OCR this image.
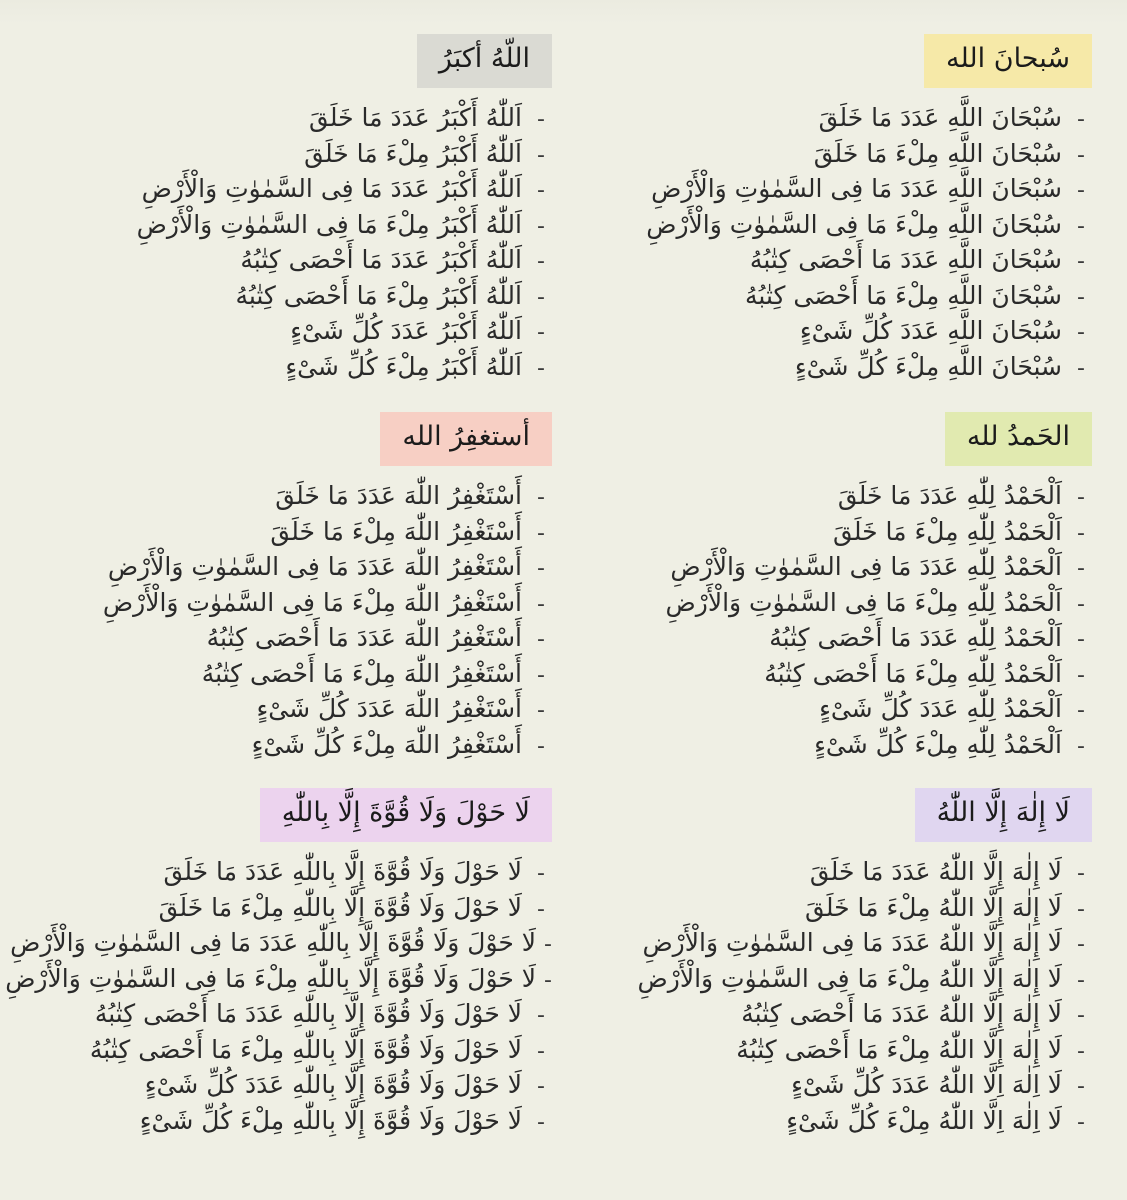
سُبحانَ الله
-
سُبْحَانَ اللَّهِ عَدَدَ مَا خَلَقَ
-
سُبْحَانَ اللَّهِ مِلْءَ مَا خَلَقَ
-
سُبْحَانَ اللَّهِ عَدَدَ مَا فِى السَّمٰوٰتِ وَالْأَرْضِ
-
سُبْحَانَ اللَّهِ مِلْءَ مَا فِى السَّمٰوٰتِ وَالْأَرْضِ
-
سُبْحَانَ اللَّهِ عَدَدَ مَا أَحْصَى كِتٰبُهُ
-
سُبْحَانَ اللَّهِ مِلْءَ مَا أَحْصَى كِتٰبُهُ
-
سُبْحَانَ اللَّهِ عَدَدَ كُلِّ شَىْءٍ
-
سُبْحَانَ اللَّهِ مِلْءَ كُلِّ شَىْءٍ
اللّهُ أكبَرُ
-
اَللّٰهُ أَكْبَرُ عَدَدَ مَا خَلَقَ
-
اَللّٰهُ أَكْبَرُ مِلْءَ مَا خَلَقَ
-
اَللّٰهُ أَكْبَرُ عَدَدَ مَا فِى السَّمٰوٰتِ وَالْأَرْضِ
-
اَللّٰهُ أَكْبَرُ مِلْءَ مَا فِى السَّمٰوٰتِ وَالْأَرْضِ
-
اَللّٰهُ أَكْبَرُ عَدَدَ مَا أَحْصَى كِتٰبُهُ
-
اَللّٰهُ أَكْبَرُ مِلْءَ مَا أَحْصَى كِتٰبُهُ
-
اَللّٰهُ أَكْبَرُ عَدَدَ كُلِّ شَىْءٍ
-
اَللّٰهُ أَكْبَرُ مِلْءَ كُلِّ شَىْءٍ
الحَمدُ لله
-
اَلْحَمْدُ لِلّٰهِ عَدَدَ مَا خَلَقَ
-
اَلْحَمْدُ لِلّٰهِ مِلْءَ مَا خَلَقَ
-
اَلْحَمْدُ لِلّٰهِ عَدَدَ مَا فِى السَّمٰوٰتِ وَالْأَرْضِ
-
اَلْحَمْدُ لِلّٰهِ مِلْءَ مَا فِى السَّمٰوٰتِ وَالْأَرْضِ
-
اَلْحَمْدُ لِلّٰهِ عَدَدَ مَا أَحْصَى كِتٰبُهُ
-
اَلْحَمْدُ لِلّٰهِ مِلْءَ مَا أَحْصَى كِتٰبُهُ
-
اَلْحَمْدُ لِلّٰهِ عَدَدَ كُلِّ شَىْءٍ
-
اَلْحَمْدُ لِلّٰهِ مِلْءَ كُلِّ شَىْءٍ
أستغفِرُ الله
-
أَسْتَغْفِرُ اللّٰهَ عَدَدَ مَا خَلَقَ
-
أَسْتَغْفِرُ اللّٰهَ مِلْءَ مَا خَلَقَ
-
أَسْتَغْفِرُ اللّٰهَ عَدَدَ مَا فِى السَّمٰوٰتِ وَالْأَرْضِ
-
أَسْتَغْفِرُ اللّٰهَ مِلْءَ مَا فِى السَّمٰوٰتِ وَالْأَرْضِ
-
أَسْتَغْفِرُ اللّٰهَ عَدَدَ مَا أَحْصَى كِتٰبُهُ
-
أَسْتَغْفِرُ اللّٰهَ مِلْءَ مَا أَحْصَى كِتٰبُهُ
-
أَسْتَغْفِرُ اللّٰهَ عَدَدَ كُلِّ شَىْءٍ
-
أَسْتَغْفِرُ اللّٰهَ مِلْءَ كُلِّ شَىْءٍ
لَا إِلٰهَ إِلَّا اللّٰهُ
-
لَا إِلٰهَ إِلَّا اللّٰهُ عَدَدَ مَا خَلَقَ
-
لَا إِلٰهَ إِلَّا اللّٰهُ مِلْءَ مَا خَلَقَ
-
لَا إِلٰهَ إِلَّا اللّٰهُ عَدَدَ مَا فِى السَّمٰوٰتِ وَالْأَرْضِ
-
لَا إِلٰهَ إِلَّا اللّٰهُ مِلْءَ مَا فِى السَّمٰوٰتِ وَالْأَرْضِ
-
لَا إِلٰهَ إِلَّا اللّٰهُ عَدَدَ مَا أَحْصَى كِتٰبُهُ
-
لَا إِلٰهَ إِلَّا اللّٰهُ مِلْءَ مَا أَحْصَى كِتٰبُهُ
-
لَا اِلٰهَ اِلَّا اللّٰهُ عَدَدَ كُلِّ شَىْءٍ
-
لَا اِلٰهَ اِلَّا اللّٰهُ مِلْءَ كُلِّ شَىْءٍ
لَا حَوْلَ وَلَا قُوَّةَ إِلَّا بِاللّٰهِ
-
لَا حَوْلَ وَلَا قُوَّةَ إِلَّا بِاللّٰهِ عَدَدَ مَا خَلَقَ
-
لَا حَوْلَ وَلَا قُوَّةَ إِلَّا بِاللّٰهِ مِلْءَ مَا خَلَقَ
-
لَا حَوْلَ وَلَا قُوَّةَ إِلَّا بِاللّٰهِ عَدَدَ مَا فِى السَّمٰوٰتِ وَالْأَرْضِ
-
لَا حَوْلَ وَلَا قُوَّةَ إِلَّا بِاللّٰهِ مِلْءَ مَا فِى السَّمٰوٰتِ وَالْأَرْضِ
-
لَا حَوْلَ وَلَا قُوَّةَ إِلَّا بِاللّٰهِ عَدَدَ مَا أَحْصَى كِتٰبُهُ
-
لَا حَوْلَ وَلَا قُوَّةَ إِلَّا بِاللّٰهِ مِلْءَ مَا أَحْصَى كِتٰبُهُ
-
لَا حَوْلَ وَلَا قُوَّةَ إِلَّا بِاللّٰهِ عَدَدَ كُلِّ شَىْءٍ
-
لَا حَوْلَ وَلَا قُوَّةَ إِلَّا بِاللّٰهِ مِلْءَ كُلِّ شَىْءٍ
